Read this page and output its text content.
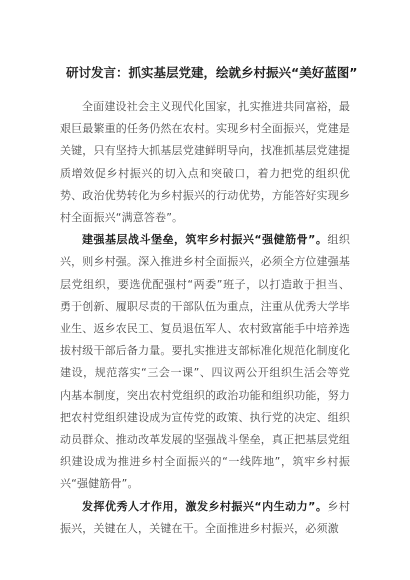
研讨发言：抓实基层党建，绘就乡村振兴“美好蓝图”

全面建设社会主义现代化国家，扎实推进共同富裕，最艰巨最繁重的任务仍然在农村。实现乡村全面振兴，党建是关键，只有坚持大抓基层党建鲜明导向，找准抓基层党建提质增效促乡村振兴的切入点和突破口，着力把党的组织优势、政治优势转化为乡村振兴的行动优势，方能答好实现乡村全面振兴“满意答卷”。

建强基层战斗堡垒，筑牢乡村振兴“强健筋骨”。组织兴，则乡村强。深入推进乡村全面振兴，必须全方位建强基层党组织，要选优配强村“两委”班子，以打造敢于担当、勇于创新、履职尽责的干部队伍为重点，注重从优秀大学毕业生、返乡农民工、复员退伍军人、农村致富能手中培养选拔村级干部后备力量。要扎实推进支部标准化规范化制度化建设，规范落实“三会一课”、四议两公开组织生活会等党内基本制度，突出农村党组织的政治功能和组织功能，努力把农村党组织建设成为宣传党的政策、执行党的决定、组织动员群众、推动改革发展的坚强战斗堡垒，真正把基层党组织建设成为推进乡村全面振兴的“一线阵地”，筑牢乡村振兴“强健筋骨”。

发挥优秀人才作用，激发乡村振兴“内生动力”。乡村振兴，关键在人，关键在干。全面推进乡村振兴，必须激
